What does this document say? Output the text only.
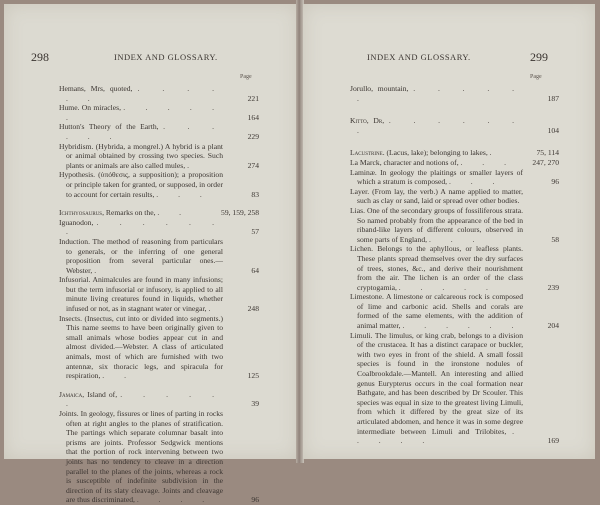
298	INDEX AND GLOSSARY.
Page
Hemans, Mrs, quoted, . . . . . .	221
Hume. On miracles, . . . . . .	164
Hutton's Theory of the Earth, . . . . . .	229
Hybridism. (Hybrida, a mongrel.) A hybrid is a plant or animal obtained by crossing two species. Such plants or animals are also called mules, .	274
Hypothesis. (ὑπόθεσις, a supposition); a proposition or principle taken for granted, or supposed, in order to account for certain results, . . .	83
Ichthyosaurus, Remarks on the, . .	59, 159, 258
Iguanodon, . . . . . . .	57
Induction. The method of reasoning from particulars to generals, or the inferring of one general proposition from several particular ones.—Webster, .	64
Infusorial. Animalcules are found in many infusions; but the term infusorial or infusory, is applied to all minute living creatures found in liquids, whether infused or not, as in stagnant water or vinegar, .	248
Insects. (Insectus, cut into or divided into segments.) This name seems to have been originally given to small animals whose bodies appear cut in and almost divided.—Webster. A class of articulated animals, most of which are furnished with two antennæ, six thoracic legs, and spiracula for respiration, . .	125
Jamaica, Island of, . . . . . .	39
Joints. In geology, fissures or lines of parting in rocks often at right angles to the planes of stratification. The partings which separate columnar basalt into prisms are joints. Professor Sedgwick mentions that the portion of rock intervening between two joints has no tendency to cleave in a direction parallel to the planes of the joints, whereas a rock is susceptible of indefinite subdivision in the direction of its slaty cleavage. Joints and cleavage are thus discriminated, . . . .	96
INDEX AND GLOSSARY.	299
Page
Jorullo, mountain, . . . . . .	187
Kitto, Dr, . . . . . . .	104
Lacustrine. (Lacus, lake); belonging to lakes, .	75, 114
La Marck, character and notions of, . . .	247, 270
Laminæ. In geology the plaitings or smaller layers of which a stratum is composed, . . .	96
Layer. (From lay, the verb.) A name applied to matter, such as clay or sand, laid or spread over other bodies.
Lias. One of the secondary groups of fossiliferous strata. So named probably from the appearance of the bed in riband-like layers of different colours, observed in some parts of England, . . .	58
Lichen. Belongs to the aphyllous, or leafless plants. These plants spread themselves over the dry surfaces of trees, stones, &c., and derive their nourishment from the air. The lichen is an order of the class cryptogamia, . . . . .	239
Limestone. A limestone or calcareous rock is composed of lime and carbonic acid. Shells and corals are formed of the same elements, with the addition of animal matter, . . . . . .	204
Limuli. The limulus, or king crab, belongs to a division of the crustacea. It has a distinct carapace or buckler, with two eyes in front of the shield. A small fossil species is found in the ironstone nodules of Coalbrookdale.—Mantell. An interesting and allied genus Eurypterus occurs in the coal formation near Bathgate, and has been described by Dr Scouler. This species was equal in size to the greatest living Limuli, from which it differed by the great size of its articulated abdomen, and hence it was in some degree intermediate between Limuli and Trilobites, . . . . .	169
